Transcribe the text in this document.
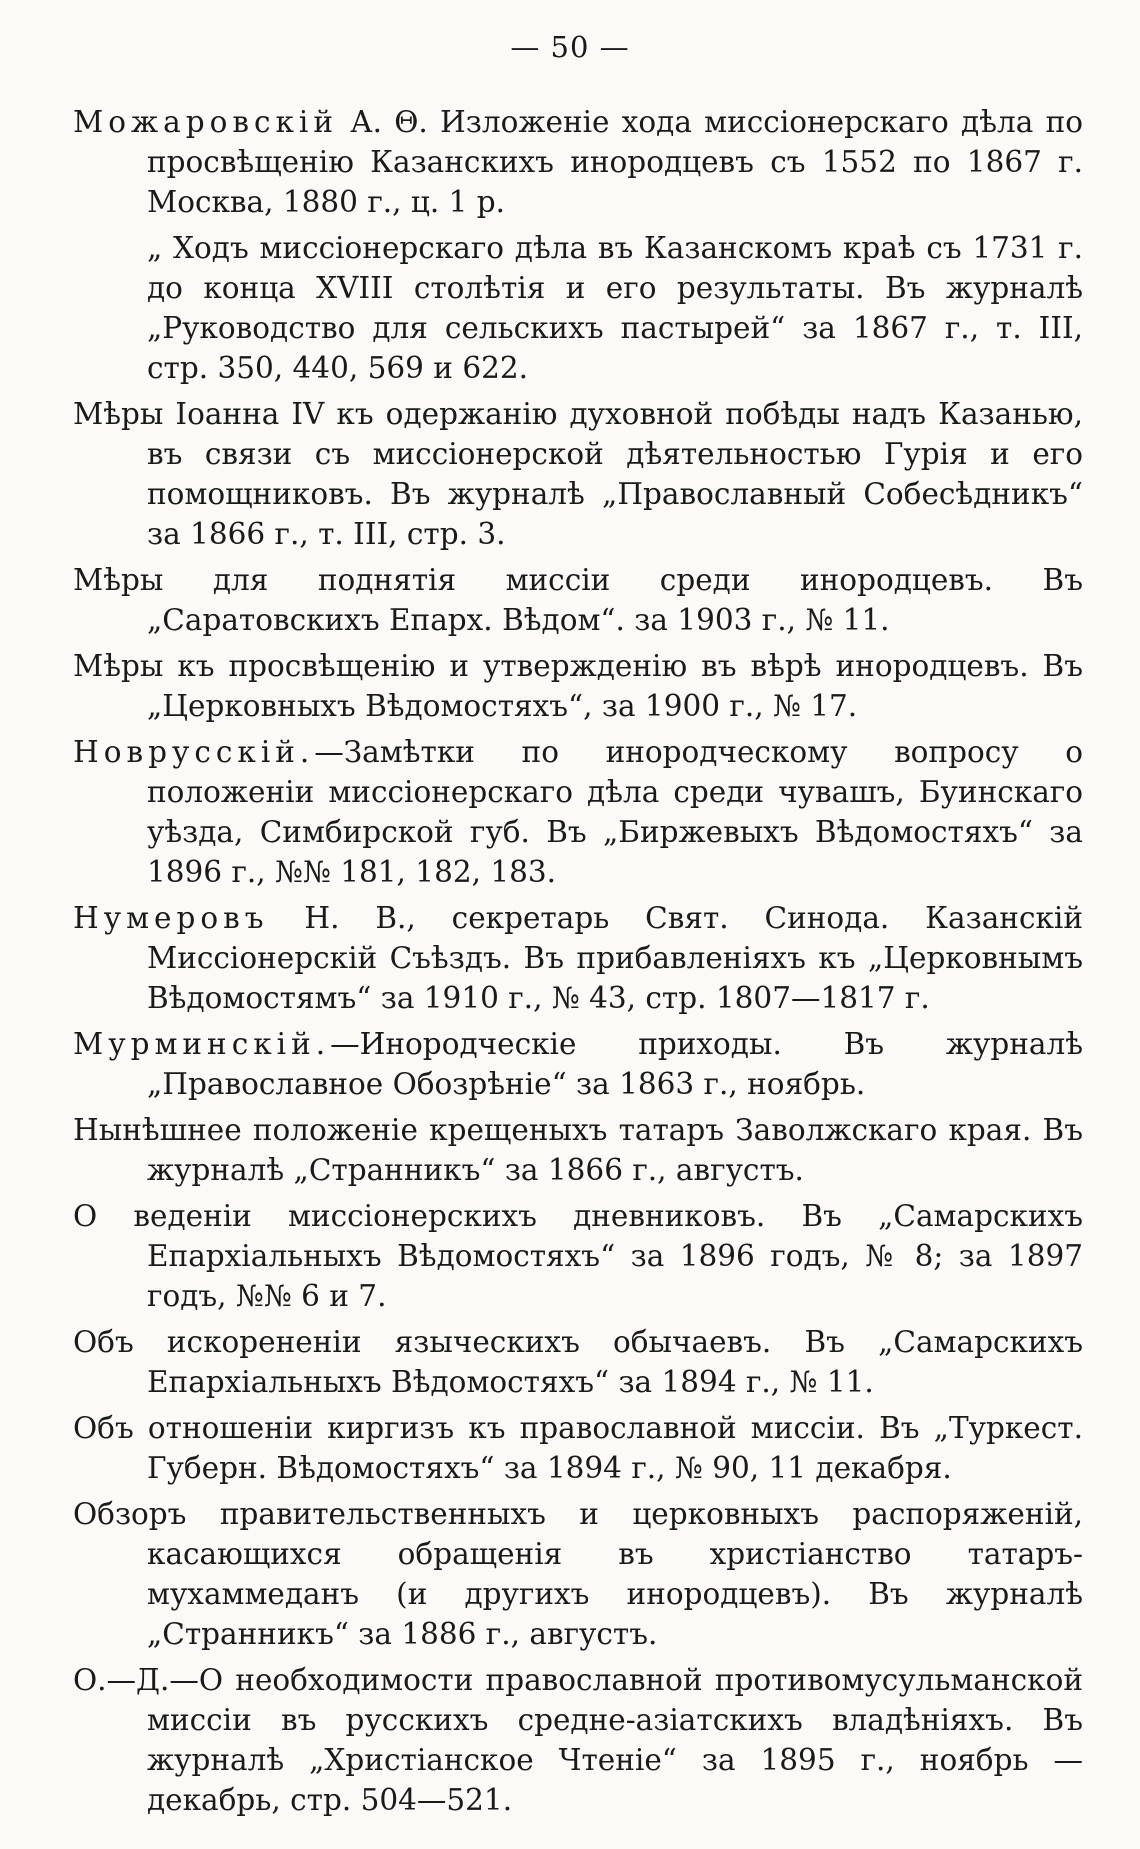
— 50 —

Можаровскій А. Θ. Изложеніе хода миссіонерскаго дѣла по просвѣщенію Казанскихъ инородцевъ съ 1552 по 1867 г. Москва, 1880 г., ц. 1 р.

„ Ходъ миссіонерскаго дѣла въ Казанскомъ краѣ съ 1731 г. до конца XVIII столѣтія и его результаты. Въ журналѣ „Руководство для сельскихъ пастырей“ за 1867 г., т. III, стр. 350, 440, 569 и 622.

Мѣры Іоанна IV къ одержанію духовной побѣды надъ Казанью, въ связи съ миссіонерской дѣятельностью Гурія и его помощниковъ. Въ журналѣ „Православный Собесѣдникъ“ за 1866 г., т. III, стр. 3.

Мѣры для поднятія миссіи среди инородцевъ. Въ „Саратовскихъ Епарх. Вѣдом“. за 1903 г., № 11.

Мѣры къ просвѣщенію и утвержденію въ вѣрѣ инородцевъ. Въ „Церковныхъ Вѣдомостяхъ“, за 1900 г., № 17.

Новрусскій.—Замѣтки по инородческому вопросу о положеніи миссіонерскаго дѣла среди чувашъ, Буинскаго уѣзда, Симбирской губ. Въ „Биржевыхъ Вѣдомостяхъ“ за 1896 г., №№ 181, 182, 183.

Нумеровъ Н. В., секретарь Свят. Синода. Казанскій Миссіонерскій Съѣздъ. Въ прибавленіяхъ къ „Церковнымъ Вѣдомостямъ“ за 1910 г., № 43, стр. 1807—1817 г.

Мурминскій.—Инородческіе приходы. Въ журналѣ „Православное Обозрѣніе“ за 1863 г., ноябрь.

Нынѣшнее положеніе крещеныхъ татаръ Заволжскаго края. Въ журналѣ „Странникъ“ за 1866 г., августъ.

О веденіи миссіонерскихъ дневниковъ. Въ „Самарскихъ Епархіальныхъ Вѣдомостяхъ“ за 1896 годъ, № 8; за 1897 годъ, №№ 6 и 7.

Объ искорененіи языческихъ обычаевъ. Въ „Самарскихъ Епархіальныхъ Вѣдомостяхъ“ за 1894 г., № 11.

Объ отношеніи киргизъ къ православной миссіи. Въ „Туркест. Губерн. Вѣдомостяхъ“ за 1894 г., № 90, 11 декабря.

Обзоръ правительственныхъ и церковныхъ распоряженій, касающихся обращенія въ христіанство татаръ-мухаммеданъ (и другихъ инородцевъ). Въ журналѣ „Странникъ“ за 1886 г., августъ.

О.—Д.—О необходимости православной противомусульманской миссіи въ русскихъ средне-азіатскихъ владѣніяхъ. Въ журналѣ „Христіанское Чтеніе“ за 1895 г., ноябрь — декабрь, стр. 504—521.
